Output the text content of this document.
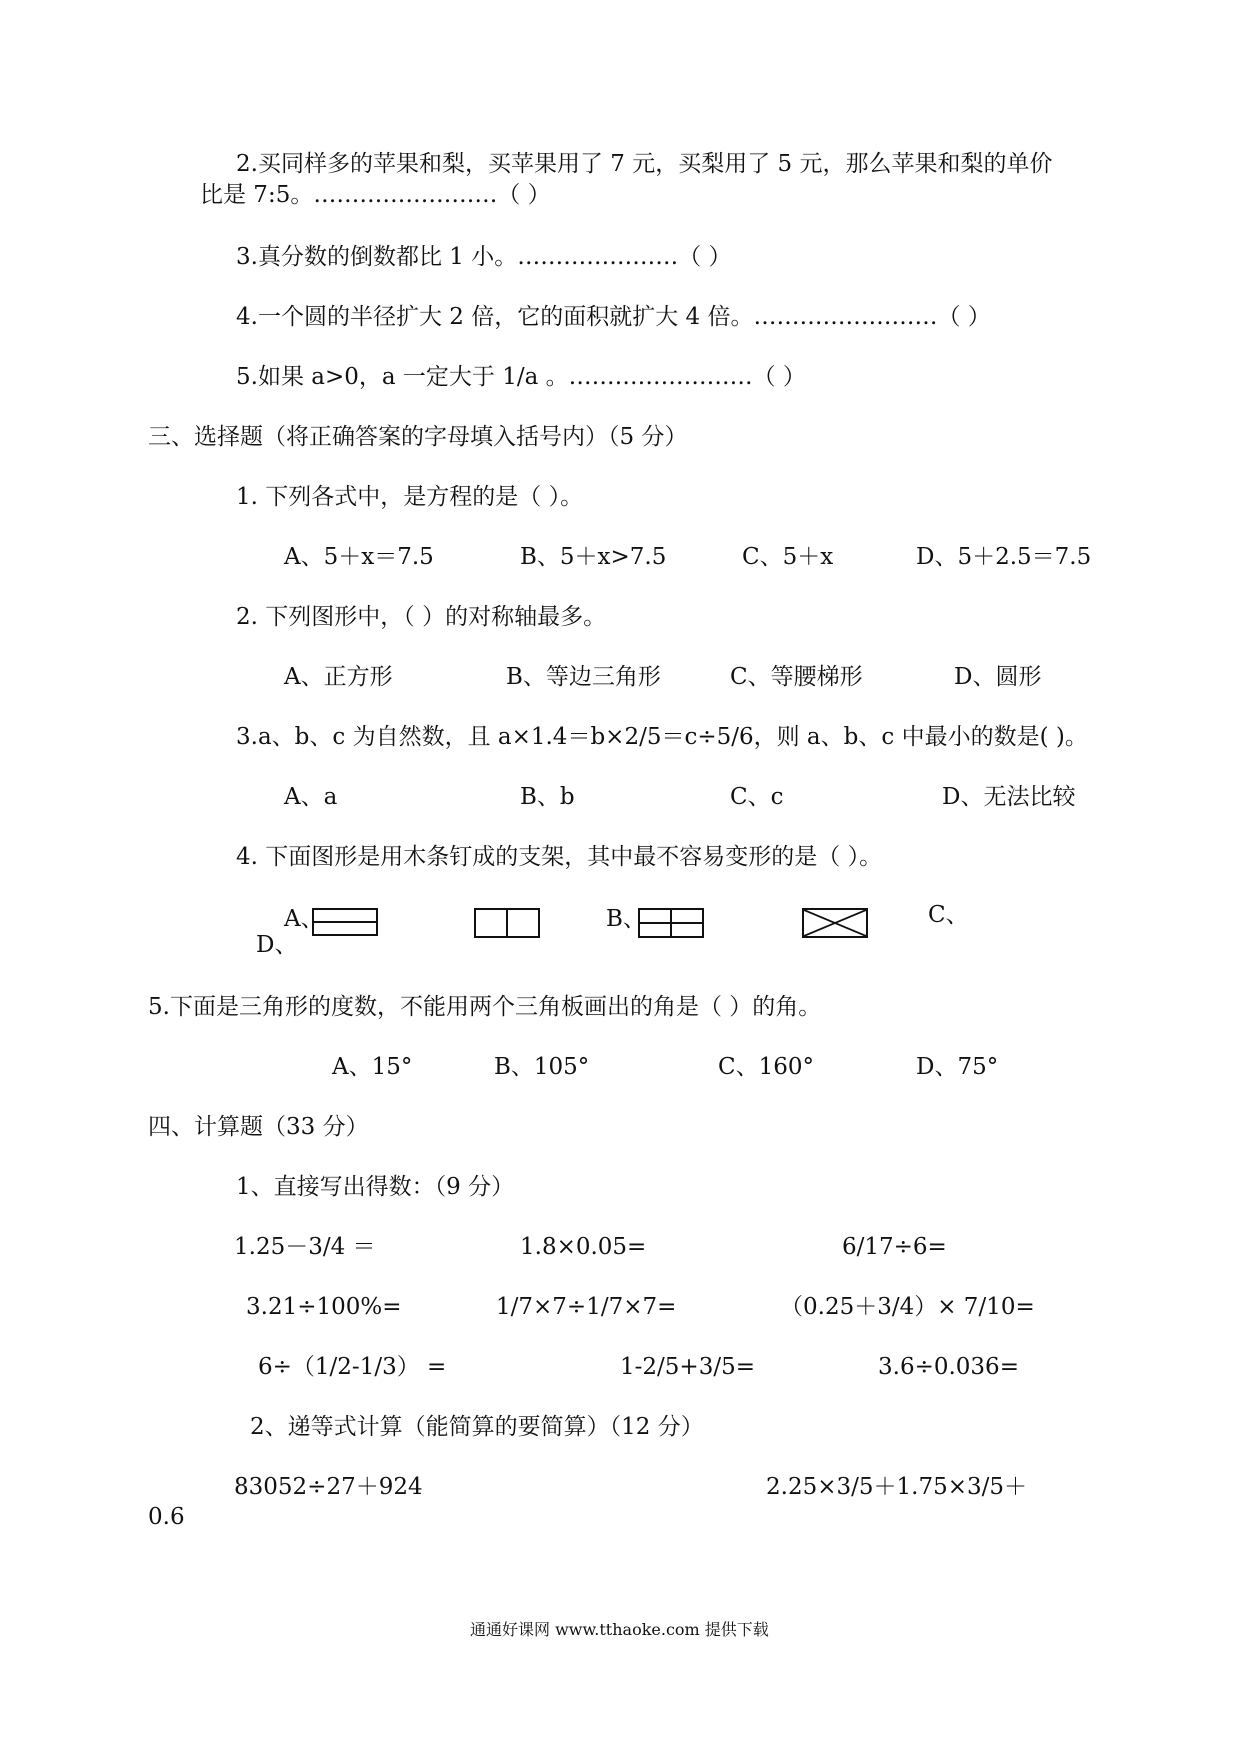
2.买同样多的苹果和梨，买苹果用了 7 元，买梨用了 5 元，那么苹果和梨的单价
比是 7:5。……………………（ ）
3.真分数的倒数都比 1 小。…………………（ ）
4.一个圆的半径扩大 2 倍，它的面积就扩大 4 倍。……………………（ ）
5.如果 a>0，a 一定大于 1/a 。……………………（ ）
三、选择题（将正确答案的字母填入括号内）（5 分）
1. 下列各式中，是方程的是（ ）。
A、5＋x＝7.5	B、5＋x>7.5	C、5＋x	D、5＋2.5＝7.5
2. 下列图形中，（ ）的对称轴最多。
A、正方形	B、等边三角形	C、等腰梯形	D、圆形
3.a、b、c 为自然数，且 a×1.4＝b×2/5＝c÷5/6，则 a、b、c 中最小的数是( )。
A、a	B、b	C、c	D、无法比较
4. 下面图形是用木条钉成的支架，其中最不容易变形的是（ ）。
A、	B、	C、
D、
5.下面是三角形的度数，不能用两个三角板画出的角是（ ）的角。
A、15°	B、105°	C、160°	D、75°
四、计算题（33 分）
1、直接写出得数：（9 分）
1.25－3/4 ＝	1.8×0.05=	6/17÷6=
3.21÷100%=	1/7×7÷1/7×7=	（0.25＋3/4）× 7/10=
6÷（1/2-1/3） =	1-2/5+3/5=	3.6÷0.036=
2、递等式计算（能简算的要简算）（12 分）
83052÷27＋924	2.25×3/5＋1.75×3/5＋
0.6
通通好课网 www.tthaoke.com 提供下载
